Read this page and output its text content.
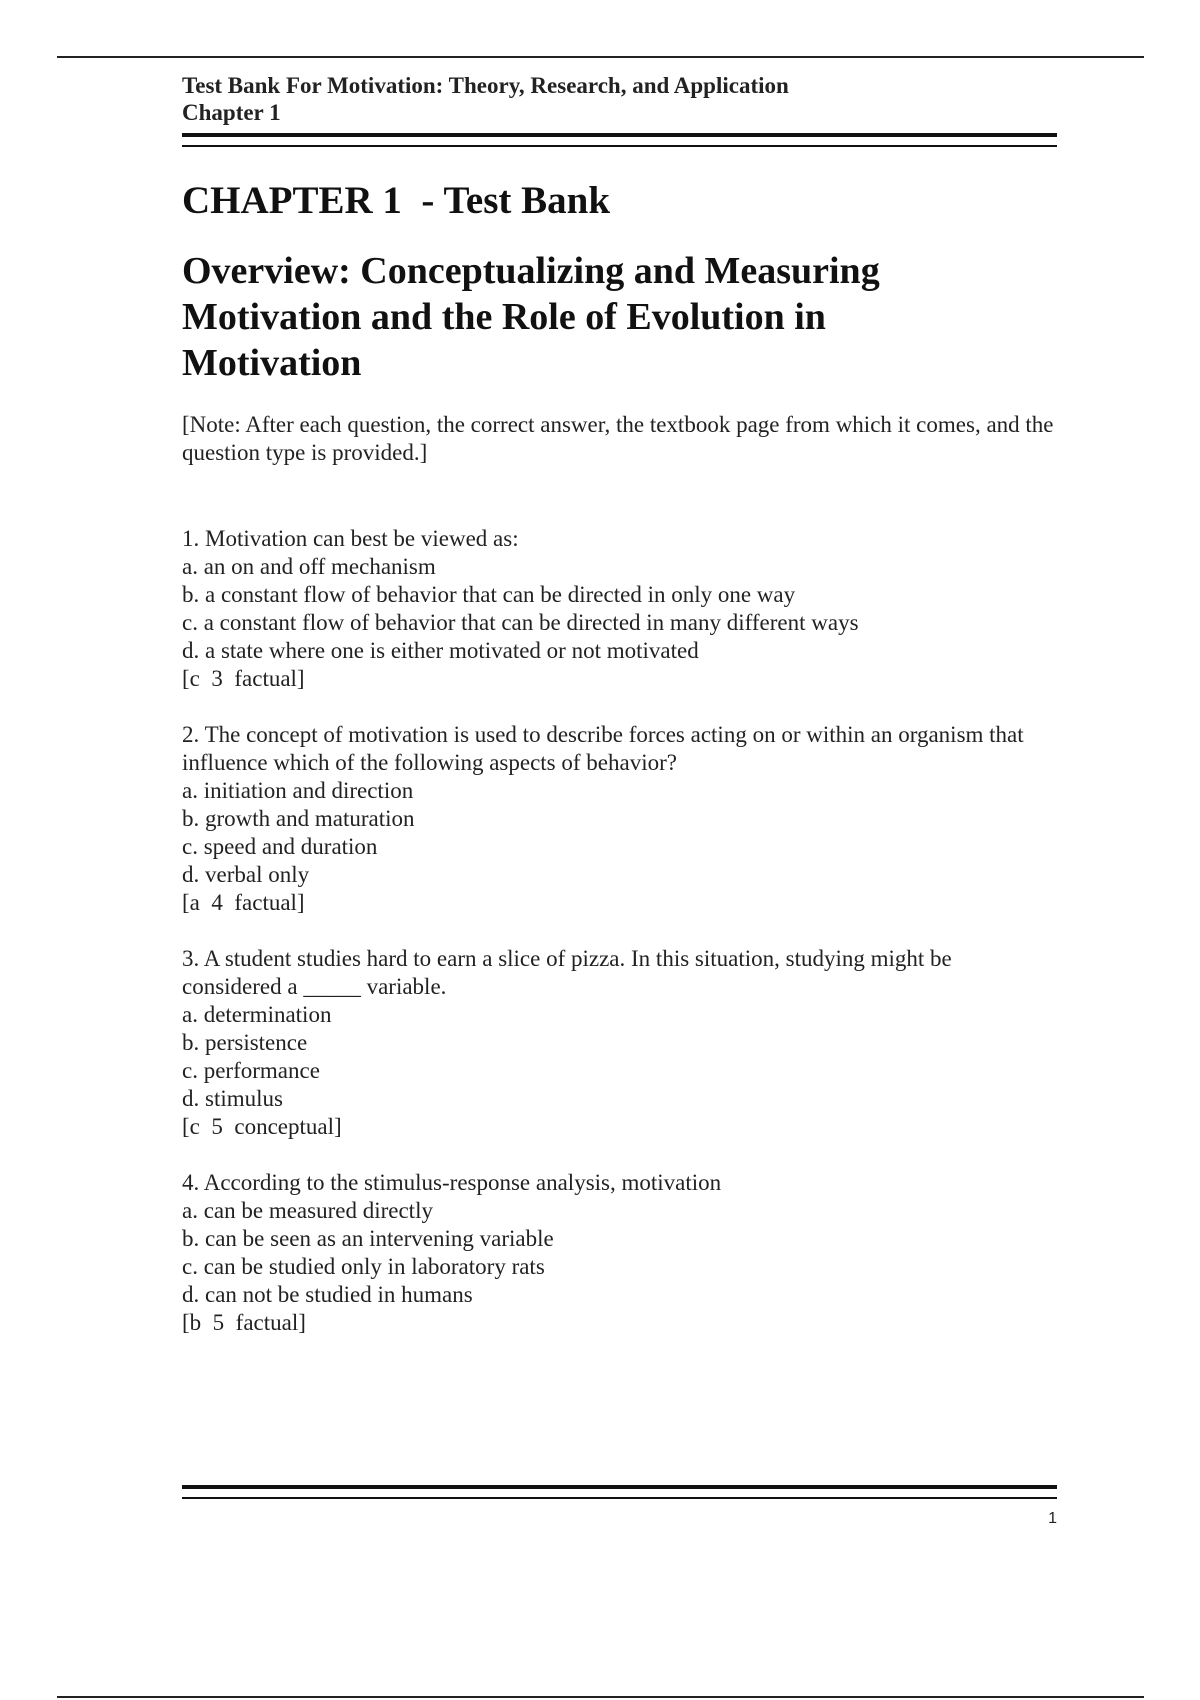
Test Bank For Motivation: Theory, Research, and Application
Chapter 1
CHAPTER 1  - Test Bank
Overview: Conceptualizing and Measuring Motivation and the Role of Evolution in Motivation

[Note: After each question, the correct answer, the textbook page from which it comes, and the question type is provided.]

1. Motivation can best be viewed as:
a. an on and off mechanism
b. a constant flow of behavior that can be directed in only one way
c. a constant flow of behavior that can be directed in many different ways
d. a state where one is either motivated or not motivated
[c  3  factual]
2. The concept of motivation is used to describe forces acting on or within an organism that  influence which of the following aspects of behavior?
a. initiation and direction
b. growth and maturation
c. speed and duration
d. verbal only
[a  4  factual]
3. A student studies hard to earn a slice of pizza. In this situation, studying might be considered a _____ variable.
a. determination
b. persistence
c. performance
d. stimulus
[c  5  conceptual]
4. According to the stimulus-response analysis, motivation
a. can be measured directly
b. can be seen as an intervening variable
c. can be studied only in laboratory rats
d. can not be studied in humans
[b  5  factual]
1
